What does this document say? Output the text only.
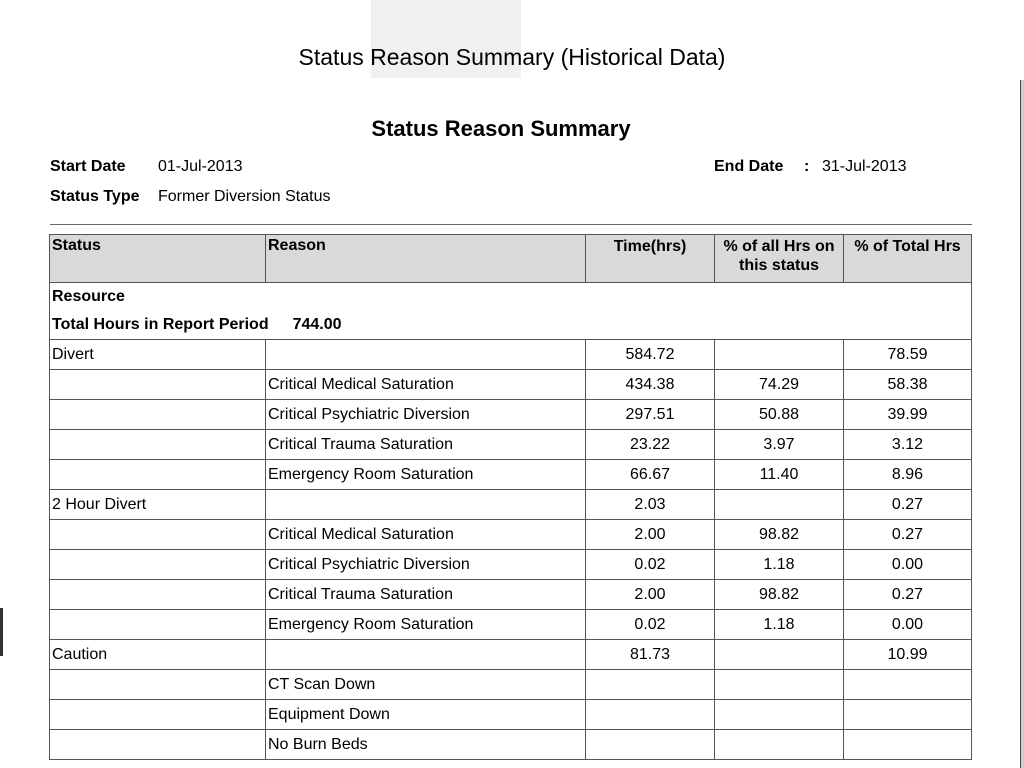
Status Reason Summary (Historical Data)
Status Reason Summary
Start Date 01-Jul-2013	End Date : 31-Jul-2013
Status Type Former Diversion Status
Status	Reason	Time(hrs)	% of all Hrs on this status	% of Total Hrs

Resource
Total Hours in Report Period 744.00				

Divert		584.72		78.59
	Critical Medical Saturation	434.38	74.29	58.38
	Critical Psychiatric Diversion	297.51	50.88	39.99
	Critical Trauma Saturation	23.22	3.97	3.12
	Emergency Room Saturation	66.67	11.40	8.96
2 Hour Divert		2.03		0.27
	Critical Medical Saturation	2.00	98.82	0.27
	Critical Psychiatric Diversion	0.02	1.18	0.00
	Critical Trauma Saturation	2.00	98.82	0.27
	Emergency Room Saturation	0.02	1.18	0.00
Caution		81.73		10.99
	CT Scan Down			
	Equipment Down			
	No Burn Beds			
